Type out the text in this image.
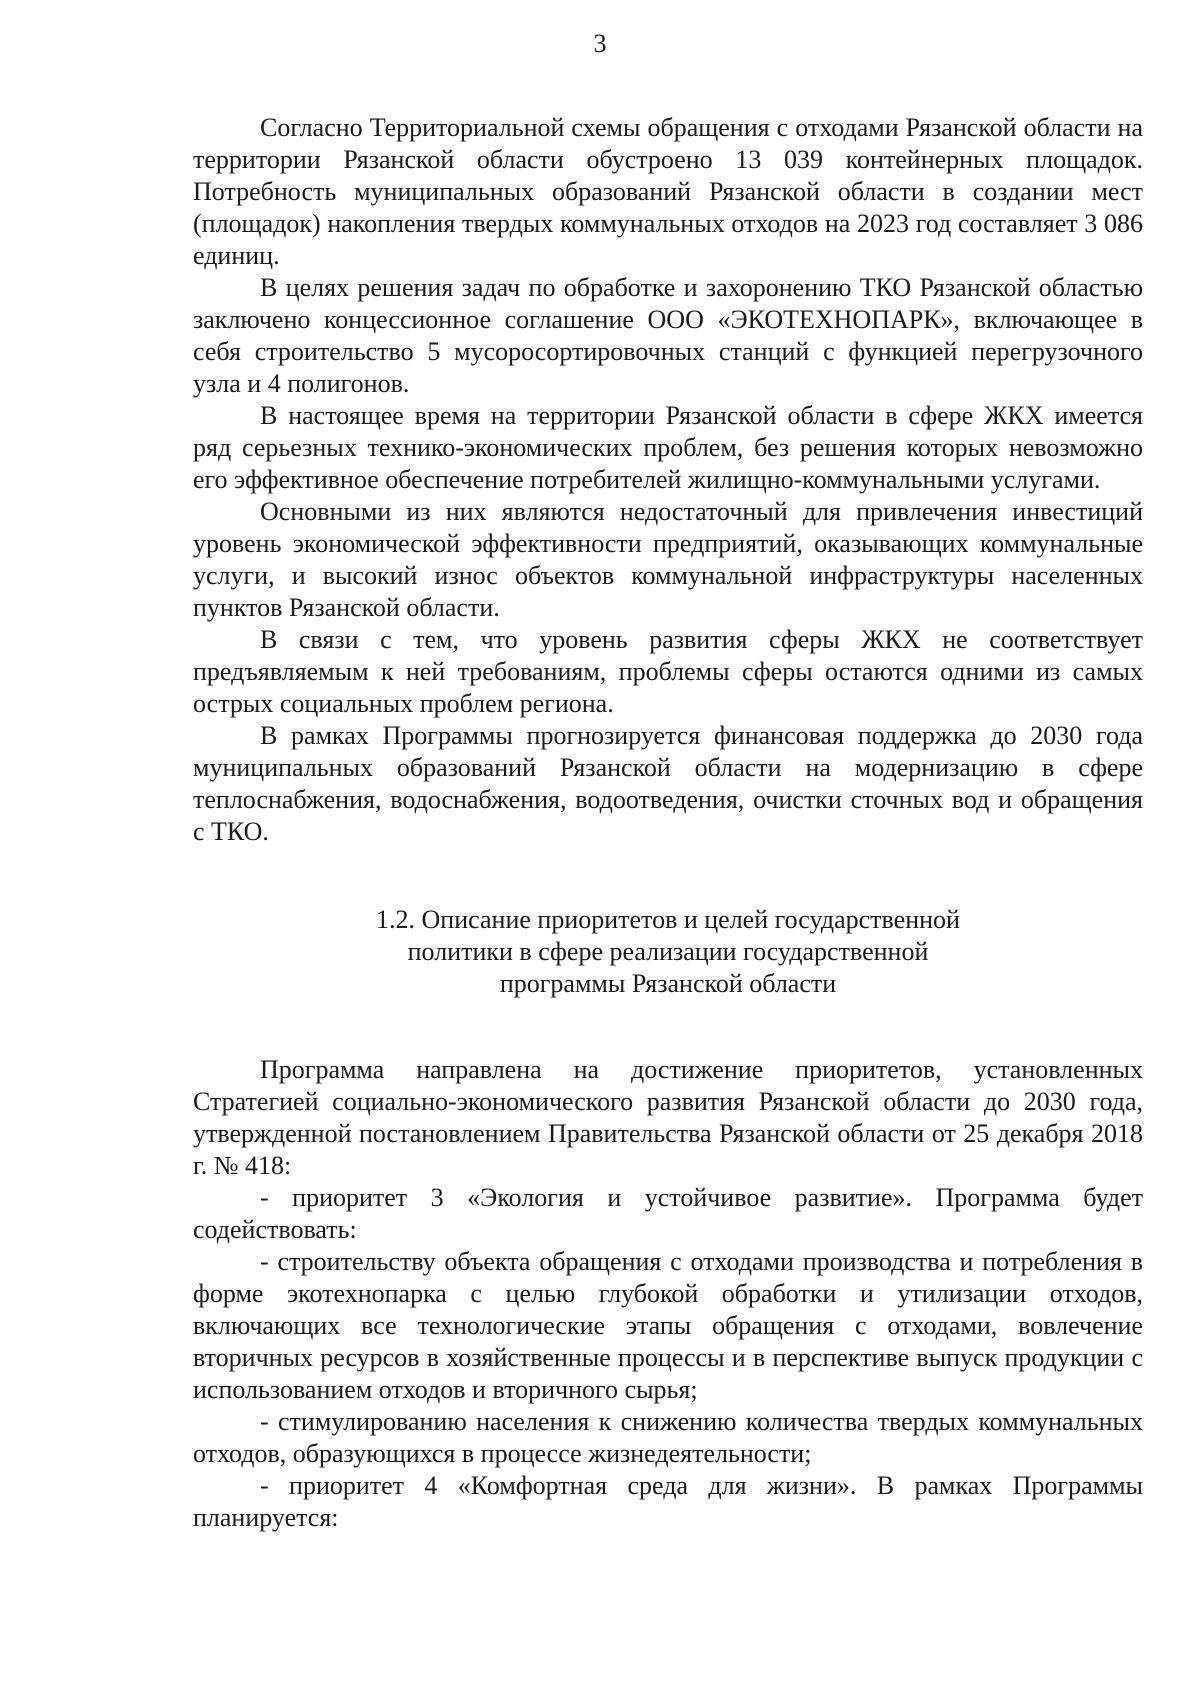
3

Согласно Территориальной схемы обращения с отходами Рязанской области на территории Рязанской области обустроено 13 039 контейнерных площадок. Потребность муниципальных образований Рязанской области в создании мест (площадок) накопления твердых коммунальных отходов на 2023 год составляет 3 086 единиц.

В целях решения задач по обработке и захоронению ТКО Рязанской областью заключено концессионное соглашение ООО «ЭКОТЕХНОПАРК», включающее в себя строительство 5 мусоросортировочных станций с функцией перегрузочного узла и 4 полигонов.

В настоящее время на территории Рязанской области в сфере ЖКХ имеется ряд серьезных технико-экономических проблем, без решения которых невозможно его эффективное обеспечение потребителей жилищно-коммунальными услугами.

Основными из них являются недостаточный для привлечения инвестиций уровень экономической эффективности предприятий, оказывающих коммунальные услуги, и высокий износ объектов коммунальной инфраструктуры населенных пунктов Рязанской области.

В связи с тем, что уровень развития сферы ЖКХ не соответствует предъявляемым к ней требованиям, проблемы сферы остаются одними из самых острых социальных проблем региона.

В рамках Программы прогнозируется финансовая поддержка до 2030 года муниципальных образований Рязанской области на модернизацию в сфере теплоснабжения, водоснабжения, водоотведения, очистки сточных вод и обращения с ТКО.

1.2. Описание приоритетов и целей государственной
политики в сфере реализации государственной
программы Рязанской области

Программа направлена на достижение приоритетов, установленных Стратегией социально-экономического развития Рязанской области до 2030 года, утвержденной постановлением Правительства Рязанской области от 25 декабря 2018 г. № 418:

- приоритет 3 «Экология и устойчивое развитие». Программа будет содействовать:

- строительству объекта обращения с отходами производства и потребления в форме экотехнопарка с целью глубокой обработки и утилизации отходов, включающих все технологические этапы обращения с отходами, вовлечение вторичных ресурсов в хозяйственные процессы и в перспективе выпуск продукции с использованием отходов и вторичного сырья;

- стимулированию населения к снижению количества твердых коммунальных отходов, образующихся в процессе жизнедеятельности;

- приоритет 4 «Комфортная среда для жизни». В рамках Программы планируется:
